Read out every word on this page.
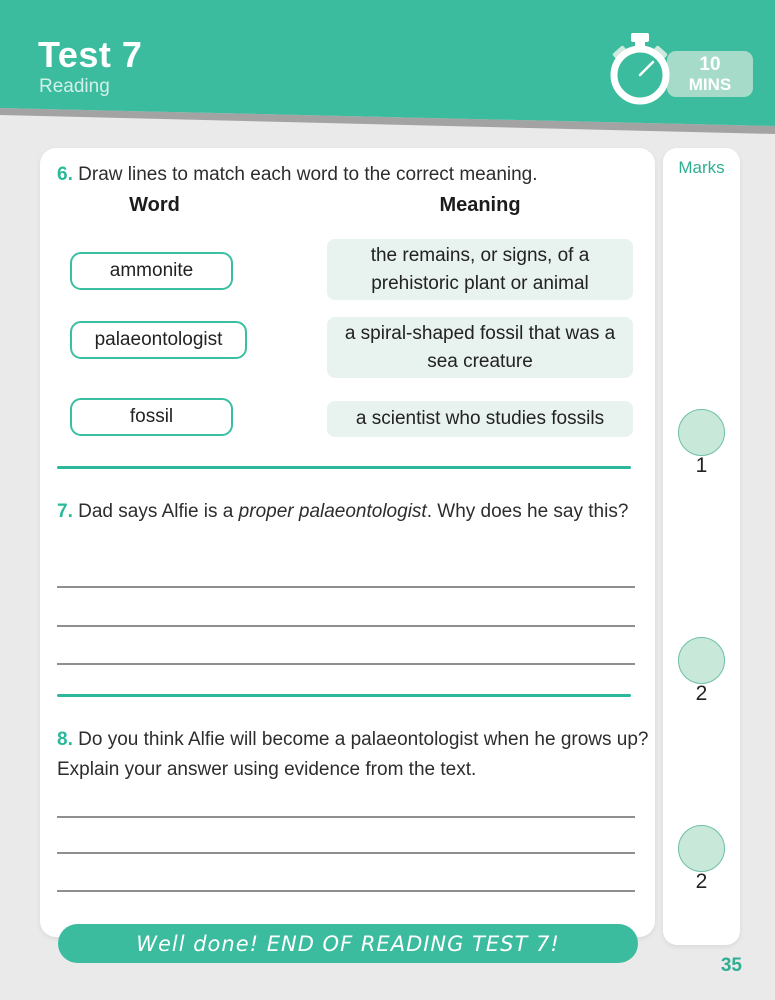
Test 7
Reading
10
MINS
6. Draw lines to match each word to the correct meaning.
Word	Meaning
ammonite
palaeontologist
fossil
the remains, or signs, of a prehistoric plant or animal
a spiral-shaped fossil that was a sea creature
a scientist who studies fossils
7. Dad says Alfie is a proper palaeontologist. Why does he say this?
8. Do you think Alfie will become a palaeontologist when he grows up? Explain your answer using evidence from the text.
Marks
1
2
2
Well done! END OF READING TEST 7!
35
